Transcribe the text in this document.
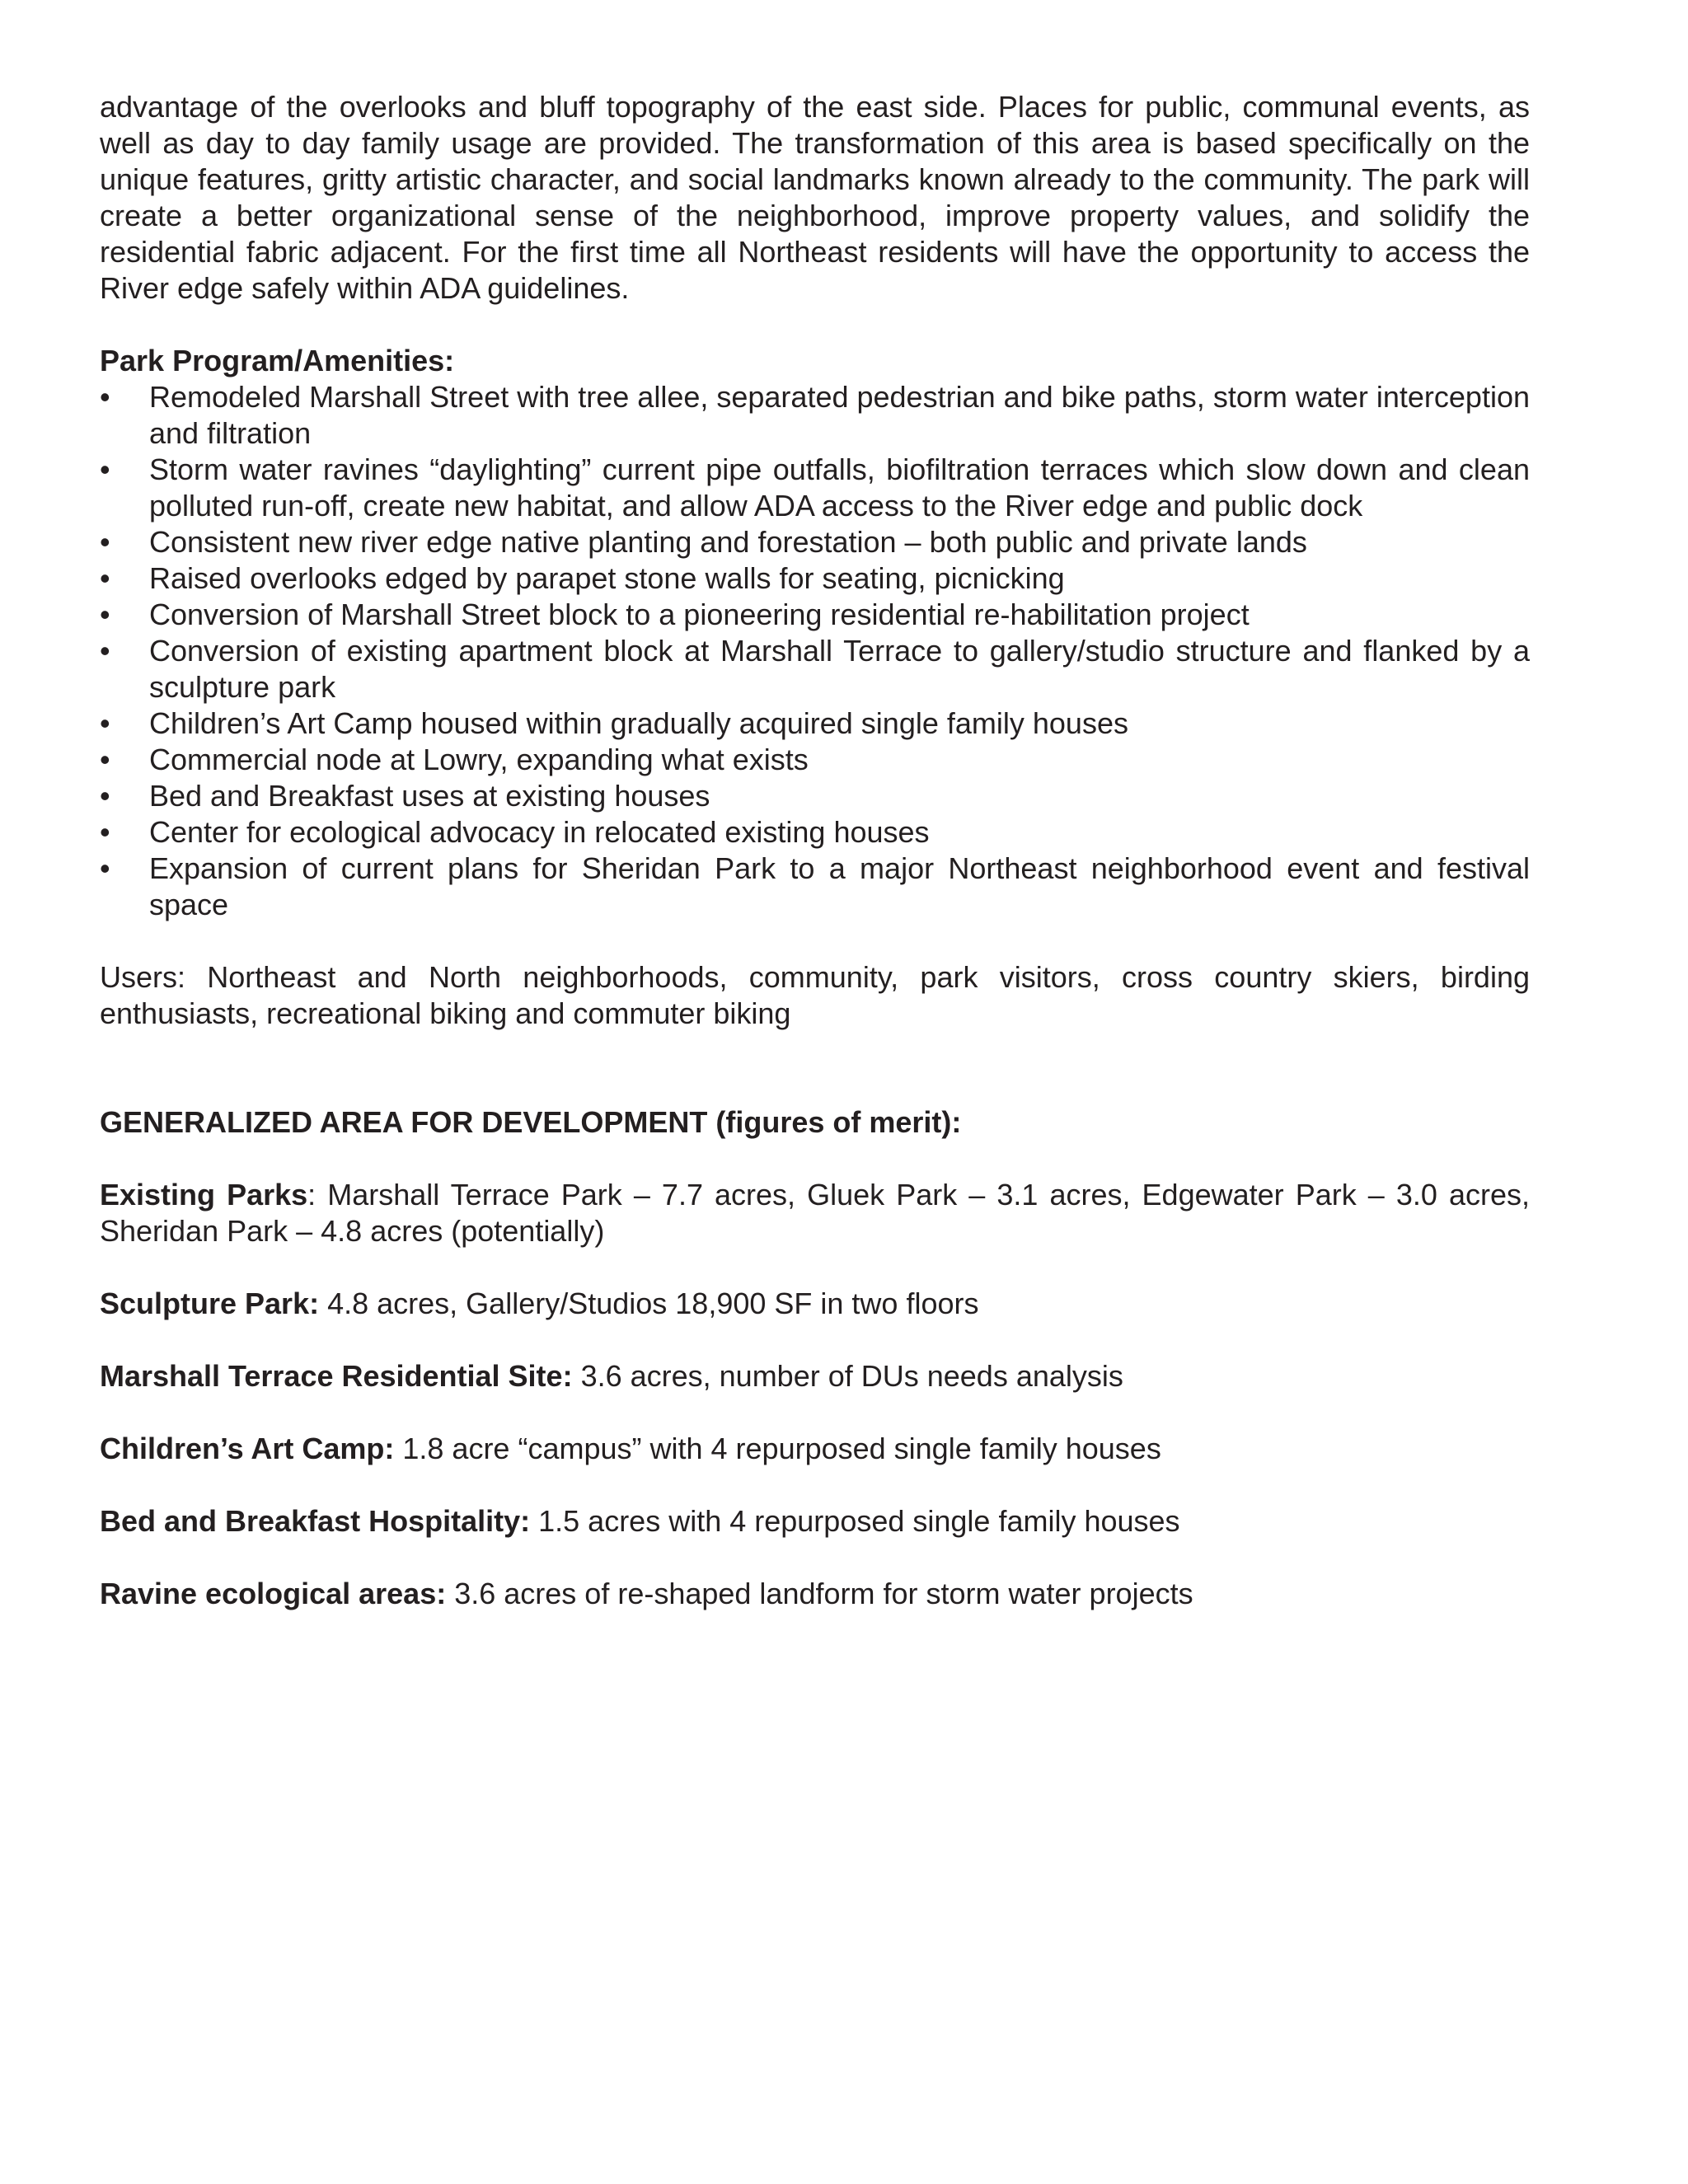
advantage of the overlooks and bluff topography of the east side. Places for public, communal events, as well as day to day family usage are provided. The transformation of this area is based specifically on the unique features, gritty artistic character, and social landmarks known already to the community. The park will create a better organizational sense of the neighborhood, improve property values, and solidify the residential fabric adjacent. For the first time all Northeast residents will have the opportunity to access the River edge safely within ADA guidelines.

Park Program/Amenities:

• Remodeled Marshall Street with tree allee, separated pedestrian and bike paths, storm water interception and filtration
• Storm water ravines “daylighting” current pipe outfalls, biofiltration terraces which slow down and clean polluted run-off, create new habitat, and allow ADA access to the River edge and public dock
• Consistent new river edge native planting and forestation – both public and private lands
• Raised overlooks edged by parapet stone walls for seating, picnicking
• Conversion of Marshall Street block to a pioneering residential re-habilitation project
• Conversion of existing apartment block at Marshall Terrace to gallery/studio structure and flanked by a sculpture park
• Children’s Art Camp housed within gradually acquired single family houses
• Commercial node at Lowry, expanding what exists
• Bed and Breakfast uses at existing houses
• Center for ecological advocacy in relocated existing houses
• Expansion of current plans for Sheridan Park to a major Northeast neighborhood event and festival space

Users: Northeast and North neighborhoods, community, park visitors, cross country skiers, birding enthusiasts, recreational biking and commuter biking

GENERALIZED AREA FOR DEVELOPMENT (figures of merit):

Existing Parks: Marshall Terrace Park – 7.7 acres, Gluek Park – 3.1 acres, Edgewater Park – 3.0 acres, Sheridan Park – 4.8 acres (potentially)

Sculpture Park: 4.8 acres, Gallery/Studios 18,900 SF in two floors

Marshall Terrace Residential Site: 3.6 acres, number of DUs needs analysis

Children’s Art Camp: 1.8 acre “campus” with 4 repurposed single family houses

Bed and Breakfast Hospitality: 1.5 acres with 4 repurposed single family houses

Ravine ecological areas: 3.6 acres of re-shaped landform for storm water projects
